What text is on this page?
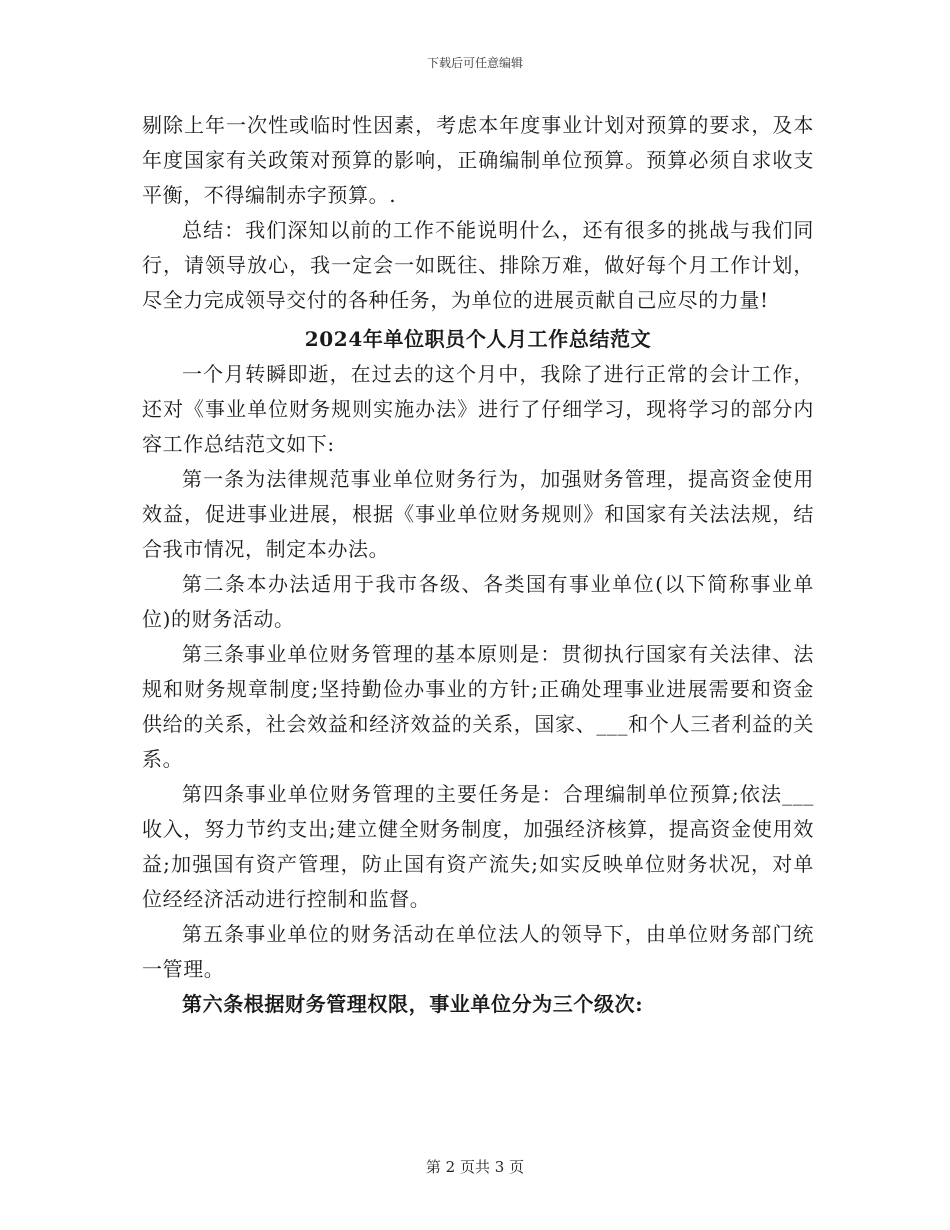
下载后可任意编辑

剔除上年一次性或临时性因素，考虑本年度事业计划对预算的要求，及本年度国家有关政策对预算的影响，正确编制单位预算。预算必须自求收支平衡，不得编制赤字预算。.

总结：我们深知以前的工作不能说明什么，还有很多的挑战与我们同行，请领导放心，我一定会一如既往、排除万难，做好每个月工作计划，尽全力完成领导交付的各种任务，为单位的进展贡献自己应尽的力量!

2024年单位职员个人月工作总结范文

一个月转瞬即逝，在过去的这个月中，我除了进行正常的会计工作，还对《事业单位财务规则实施办法》进行了仔细学习，现将学习的部分内容工作总结范文如下:

第一条为法律规范事业单位财务行为，加强财务管理，提高资金使用效益，促进事业进展，根据《事业单位财务规则》和国家有关法法规，结合我市情况，制定本办法。

第二条本办法适用于我市各级、各类国有事业单位(以下简称事业单位)的财务活动。

第三条事业单位财务管理的基本原则是：贯彻执行国家有关法律、法规和财务规章制度;坚持勤俭办事业的方针;正确处理事业进展需要和资金供给的关系，社会效益和经济效益的关系，国家、___和个人三者利益的关系。

第四条事业单位财务管理的主要任务是：合理编制单位预算;依法___收入，努力节约支出;建立健全财务制度，加强经济核算，提高资金使用效益;加强国有资产管理，防止国有资产流失;如实反映单位财务状况，对单位经经济活动进行控制和监督。

第五条事业单位的财务活动在单位法人的领导下，由单位财务部门统一管理。

第六条根据财务管理权限，事业单位分为三个级次:

第 2 页共 3 页
